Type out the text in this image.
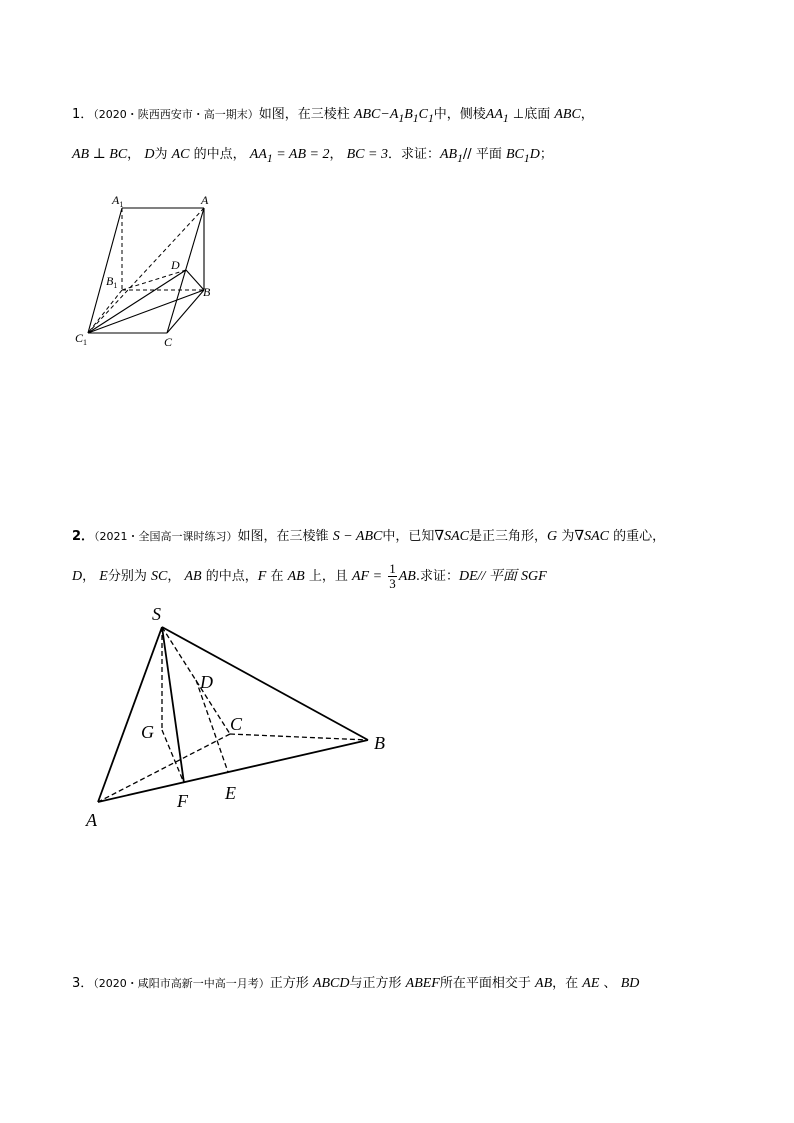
1．（2020・陕西西安市・高一期末）如图，在三棱柱 $ABC-A_1B_1C_1$中，侧棱$AA_1$ ⊥底面 ABC，
AB ⊥ BC， D为 AC 的中点， $AA_1$ = AB = 2， BC = 3．求证：$AB_1//$ 平面 $BC_1D$；
$A_1$	A
D
$B_1$	B
$C_1$	C
2．（2021・全国高一课时练习）如图，在三棱锥 S − ABC中，已知∇SAC是正三角形，G 为∇SAC 的重心，
D， E分别为 SC， AB 的中点，F 在 AB 上，且 AF = $\frac{1}{3}$ AB.求证：DE// 平面 SGF
S
D
G	C
B
A
F E
3．（2020・咸阳市高新一中高一月考）正方形 ABCD与正方形 ABEF所在平面相交于 AB，在 AE 、 BD
